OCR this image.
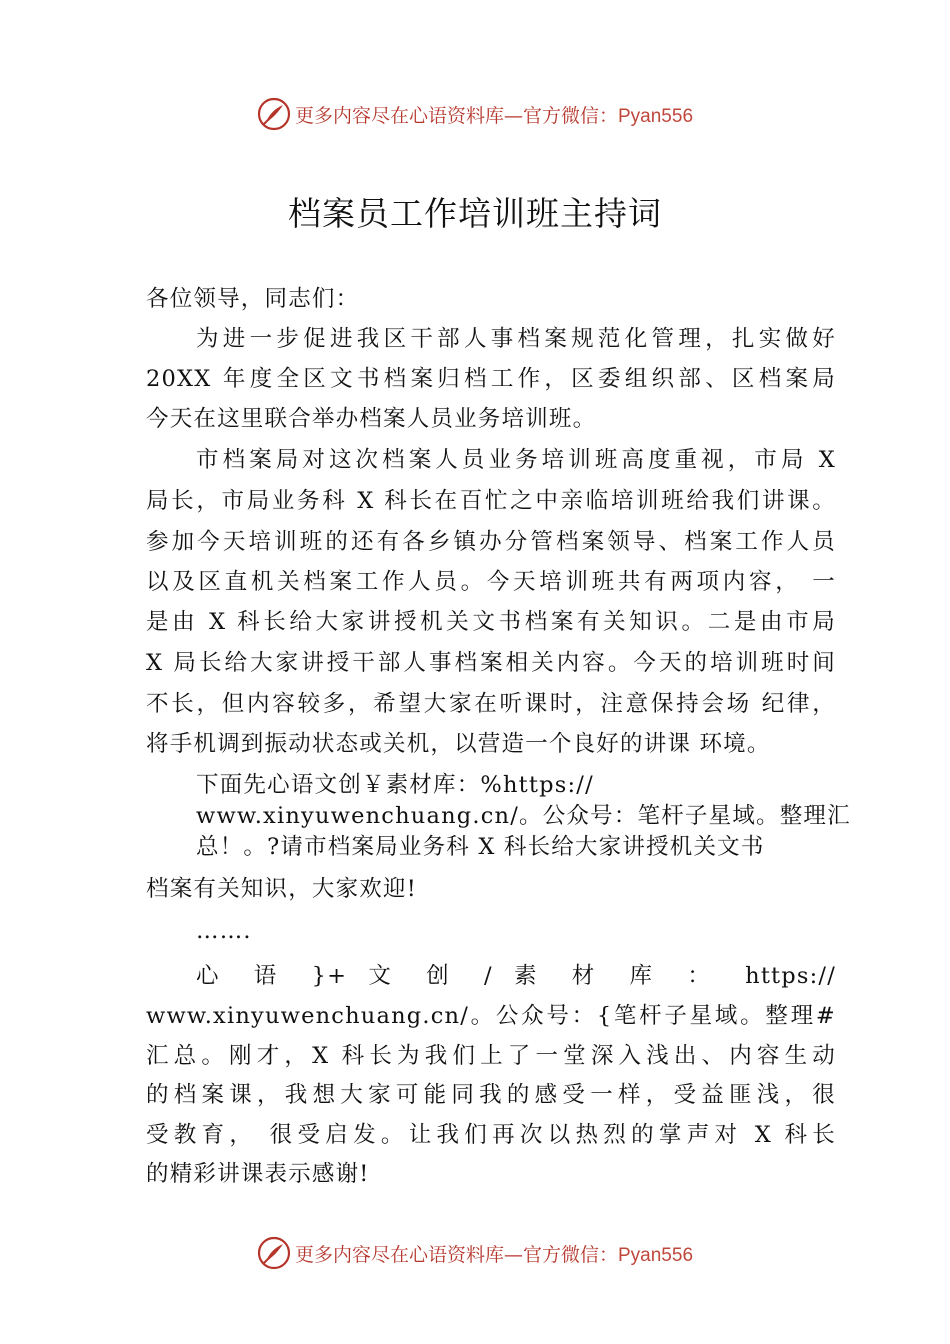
更多内容尽在心语资料库—官方微信：Pyan556
档案员工作培训班主持词
各位领导，同志们：
为进一步促进我区干部人事档案规范化管理，扎实做好
20XX 年度全区文书档案归档工作，区委组织部、区档案局
今天在这里联合举办档案人员业务培训班。
市档案局对这次档案人员业务培训班高度重视，市局 X
局长，市局业务科 X 科长在百忙之中亲临培训班给我们讲课。
参加今天培训班的还有各乡镇办分管档案领导、档案工作人员
以及区直机关档案工作人员。今天培训班共有两项内容， 一
是由 X 科长给大家讲授机关文书档案有关知识。二是由市局
X 局长给大家讲授干部人事档案相关内容。今天的培训班时间
不长，但内容较多，希望大家在听课时，注意保持会场 纪律，
将手机调到振动状态或关机，以营造一个良好的讲课 环境。
下面先心语文创￥素材库：%https://
www.xinyuwenchuang.cn/。公众号：笔杆子星域。整理汇
总！。?请市档案局业务科 X 科长给大家讲授机关文书
档案有关知识，大家欢迎!
…….
心 语 }+ 文 创 / 素 材 库 ： https://
www.xinyuwenchuang.cn/。公众号：{笔杆子星域。整理#
汇总。刚才，X 科长为我们上了一堂深入浅出、内容生动
的档案课，我想大家可能同我的感受一样，受益匪浅，很
受教育， 很受启发。让我们再次以热烈的掌声对 X 科长
的精彩讲课表示感谢!
更多内容尽在心语资料库—官方微信：Pyan556
